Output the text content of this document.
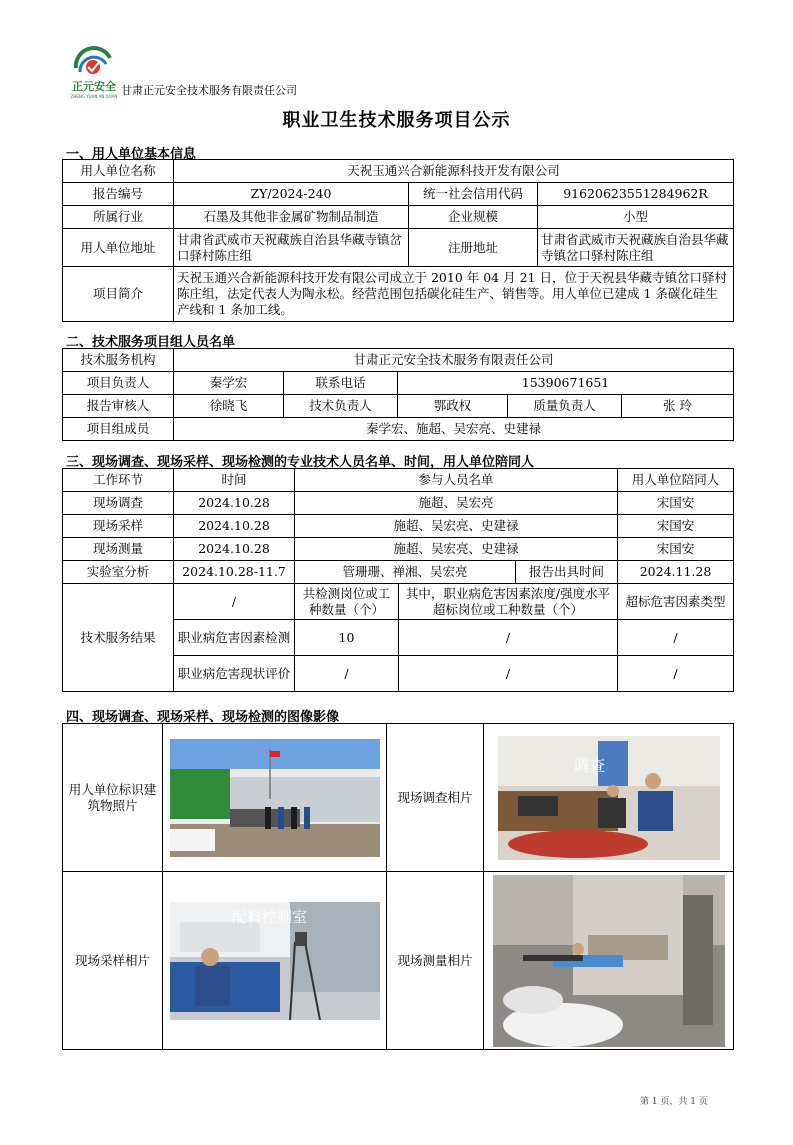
正元安全
ZHENG YUAN AN QUAN 甘肃正元安全技术服务有限责任公司
职业卫生技术服务项目公示
一、用人单位基本信息
用人单位名称	天祝玉通兴合新能源科技开发有限公司		
报告编号	ZY/2024-240	统一社会信用代码	91620623551284962R
所属行业	石墨及其他非金属矿物制品制造	企业规模	小型
用人单位地址	甘肃省武威市天祝藏族自治县华藏寺镇岔口驿村陈庄组	注册地址	甘肃省武威市天祝藏族自治县华藏寺镇岔口驿村陈庄组
项目简介	天祝玉通兴合新能源科技开发有限公司成立于 2010 年 04 月 21 日，位于天祝县华藏寺镇岔口驿村陈庄组，法定代表人为陶永松。经营范围包括碳化硅生产、销售等。用人单位已建成 1 条碳化硅生产线和 1 条加工线。		
二、技术服务项目组人员名单
技术服务机构	甘肃正元安全技术服务有限责任公司				
项目负责人	秦学宏	联系电话	15390671651		
报告审核人	徐晓飞	技术负责人	鄂政权	质量负责人	张 玲
项目组成员	秦学宏、施超、吴宏亮、史建禄				
三、现场调查、现场采样、现场检测的专业技术人员名单、时间，用人单位陪同人
工作环节	时间	参与人员名单			用人单位陪同人
现场调查	2024.10.28	施超、吴宏亮			宋国安
现场采样	2024.10.28	施超、吴宏亮、史建禄			宋国安
现场测量	2024.10.28	施超、吴宏亮、史建禄			宋国安
实验室分析	2024.10.28-11.7	管珊珊、禅湘、吴宏亮		报告出具时间	2024.11.28
技术服务结果	/	共检测岗位或工种数量（个）	其中，职业病危害因素浓度/强度水平超标岗位或工种数量（个）		超标危害因素类型
	职业病危害因素检测	10	/		/
	职业病危害现状评价	/	/		/
四、现场调查、现场采样、现场检测的图像影像
用人单位标识建筑物照片		现场调查相片	调查

现场采样相片	配料控制室	现场测量相片	
第 1 页，共 1 页
